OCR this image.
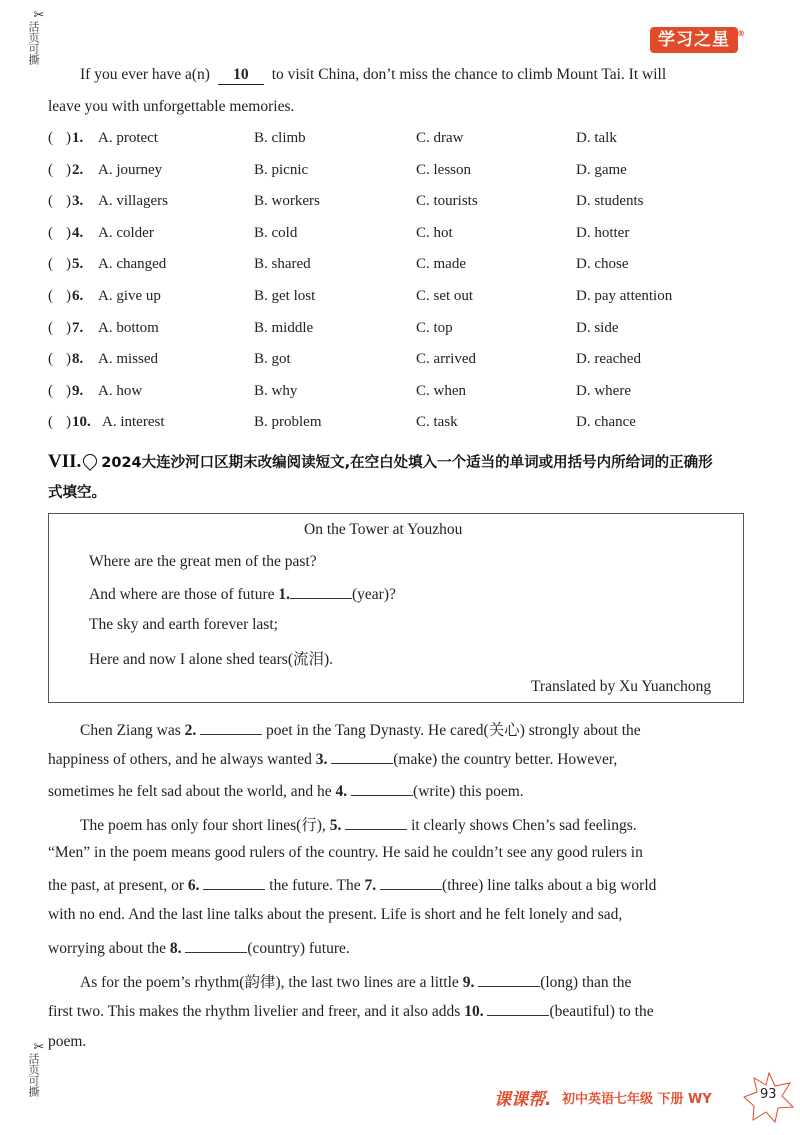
✂
活页可撕
✂
活页可撕
学习之星 ®
If you ever have a(n) 10 to visit China, don’t miss the chance to climb Mount Tai. It will
leave you with unforgettable memories.
( ) 1. A. protect	B. climb	C. draw	D. talk
( ) 2. A. journey	B. picnic	C. lesson	D. game
( ) 3. A. villagers	B. workers	C. tourists	D. students
( ) 4. A. colder	B. cold	C. hot	D. hotter
( ) 5. A. changed	B. shared	C. made	D. chose
( ) 6. A. give up	B. get lost	C. set out	D. pay attention
( ) 7. A. bottom	B. middle	C. top	D. side
( ) 8. A. missed	B. got	C. arrived	D. reached
( ) 9. A. how	B. why	C. when	D. where
( ) 10. A. interest	B. problem	C. task	D. chance
VII. 2024大连沙河口区期末改编阅读短文,在空白处填入一个适当的单词或用括号内所给词的正确形
式填空。
On the Tower at Youzhou
Where are the great men of the past?
And where are those of future 1.	(year)?
The sky and earth forever last;
Here and now I alone shed tears(流泪).
Translated by Xu Yuanchong
Chen Ziang was 2.	poet in the Tang Dynasty. He cared(关心) strongly about the
happiness of others, and he always wanted 3.	(make) the country better. However,
sometimes he felt sad about the world, and he 4.	(write) this poem.
The poem has only four short lines(行), 5.	it clearly shows Chen’s sad feelings.
“Men” in the poem means good rulers of the country. He said he couldn’t see any good rulers in
the past, at present, or 6.	the future. The 7.	(three) line talks about a big world
with no end. And the last line talks about the present. Life is short and he felt lonely and sad,
worrying about the 8.	(country) future.
As for the poem’s rhythm(韵律), the last two lines are a little 9.	(long) than the
first two. This makes the rhythm livelier and freer, and it also adds 10.	(beautiful) to the
poem.
课课帮. 初中英语七年级 下册 WY	93
